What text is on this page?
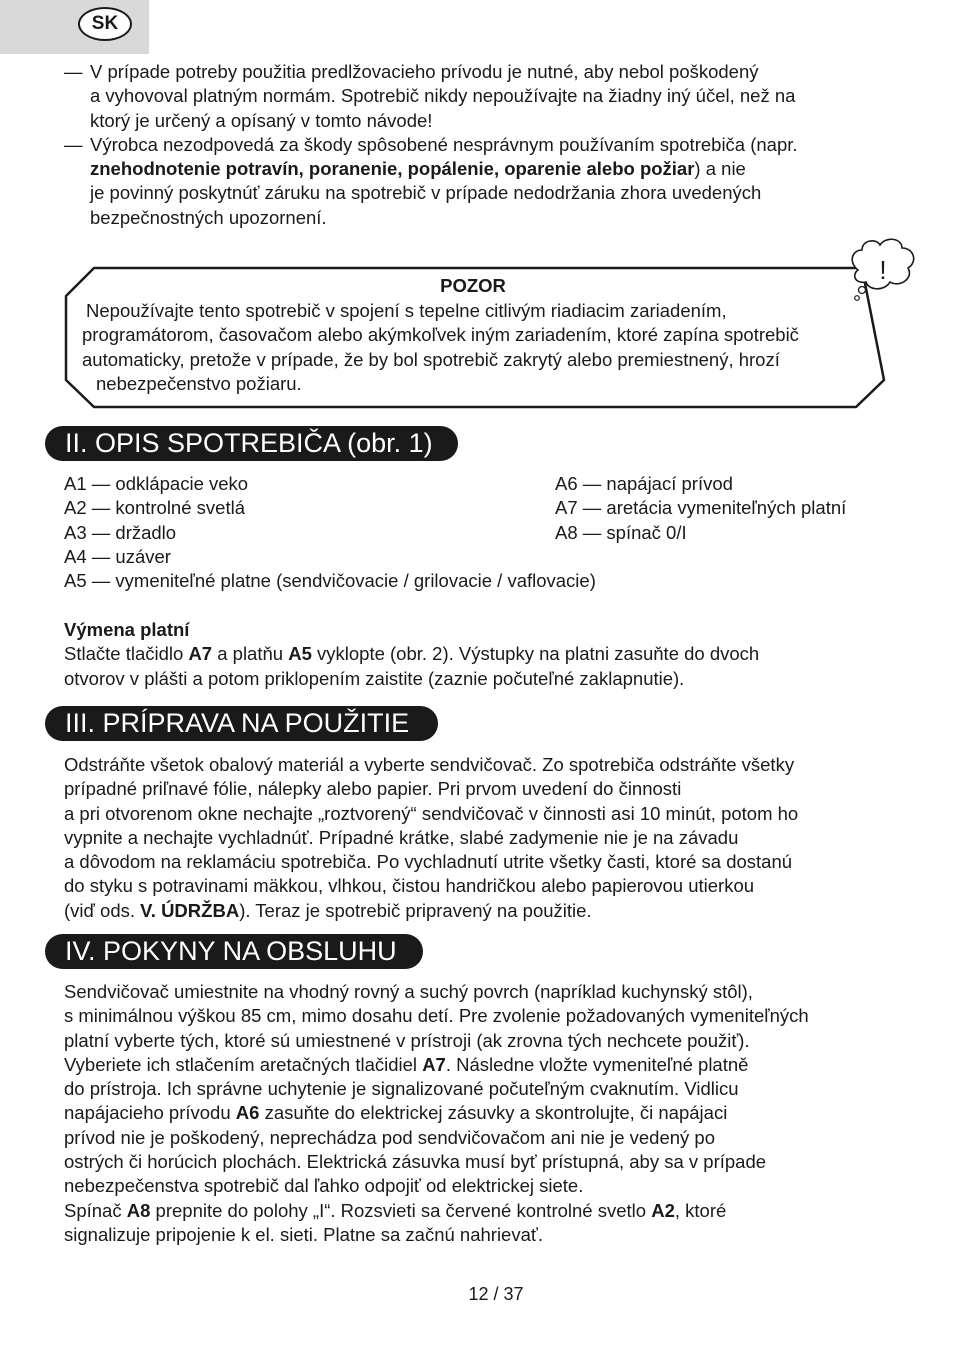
SK
— V prípade potreby použitia predlžovacieho prívodu je nutné, aby nebol poškodený
a vyhovoval platným normám. Spotrebič nikdy nepoužívajte na žiadny iný účel, než na
ktorý je určený a opísaný v tomto návode!
— Výrobca nezodpovedá za škody spôsobené nesprávnym používaním spotrebiča (napr.
znehodnotenie potravín, poranenie, popálenie, oparenie alebo požiar) a nie
je povinný poskytnúť záruku na spotrebič v prípade nedodržania zhora uvedených
bezpečnostných upozornení.
!
POZOR
Nepoužívajte tento spotrebič v spojení s tepelne citlivým riadiacim zariadením,
programátorom, časovačom alebo akýmkoľvek iným zariadením, ktoré zapína spotrebič
automaticky, pretože v prípade, že by bol spotrebič zakrytý alebo premiestnený, hrozí
nebezpečenstvo požiaru.
II. OPIS SPOTREBIČA (obr. 1)
A1 — odklápacie veko
A2 — kontrolné svetlá
A3 — držadlo
A4 — uzáver
A5 — vymeniteľné platne (sendvičovacie / grilovacie / vaflovacie)
A6 — napájací prívod
A7 — aretácia vymeniteľných platní
A8 — spínač 0/I
Výmena platní
Stlačte tlačidlo A7 a platňu A5 vyklopte (obr. 2). Výstupky na platni zasuňte do dvoch
otvorov v plášti a potom priklopením zaistite (zaznie počuteľné zaklapnutie).
III. PRÍPRAVA NA POUŽITIE
Odstráňte všetok obalový materiál a vyberte sendvičovač. Zo spotrebiča odstráňte všetky
prípadné priľnavé fólie, nálepky alebo papier. Pri prvom uvedení do činnosti
a pri otvorenom okne nechajte „roztvorený“ sendvičovač v činnosti asi 10 minút, potom ho
vypnite a nechajte vychladnúť. Prípadné krátke, slabé zadymenie nie je na závadu
a dôvodom na reklamáciu spotrebiča. Po vychladnutí utrite všetky časti, ktoré sa dostanú
do styku s potravinami mäkkou, vlhkou, čistou handričkou alebo papierovou utierkou
(viď ods. V. ÚDRŽBA). Teraz je spotrebič pripravený na použitie.
IV. POKYNY NA OBSLUHU
Sendvičovač umiestnite na vhodný rovný a suchý povrch (napríklad kuchynský stôl),
s minimálnou výškou 85 cm, mimo dosahu detí. Pre zvolenie požadovaných vymeniteľných
platní vyberte tých, ktoré sú umiestnené v prístroji (ak zrovna tých nechcete použiť).
Vyberiete ich stlačením aretačných tlačidiel A7. Následne vložte vymeniteľné platně
do prístroja. Ich správne uchytenie je signalizované počuteľným cvaknutím. Vidlicu
napájacieho prívodu A6 zasuňte do elektrickej zásuvky a skontrolujte, či napájaci
prívod nie je poškodený, neprechádza pod sendvičovačom ani nie je vedený po
ostrých či horúcich plochách. Elektrická zásuvka musí byť prístupná, aby sa v prípade
nebezpečenstva spotrebič dal ľahko odpojiť od elektrickej siete.
Spínač A8 prepnite do polohy „I“. Rozsvieti sa červené kontrolné svetlo A2, ktoré
signalizuje pripojenie k el. sieti. Platne sa začnú nahrievať.
12 / 37
